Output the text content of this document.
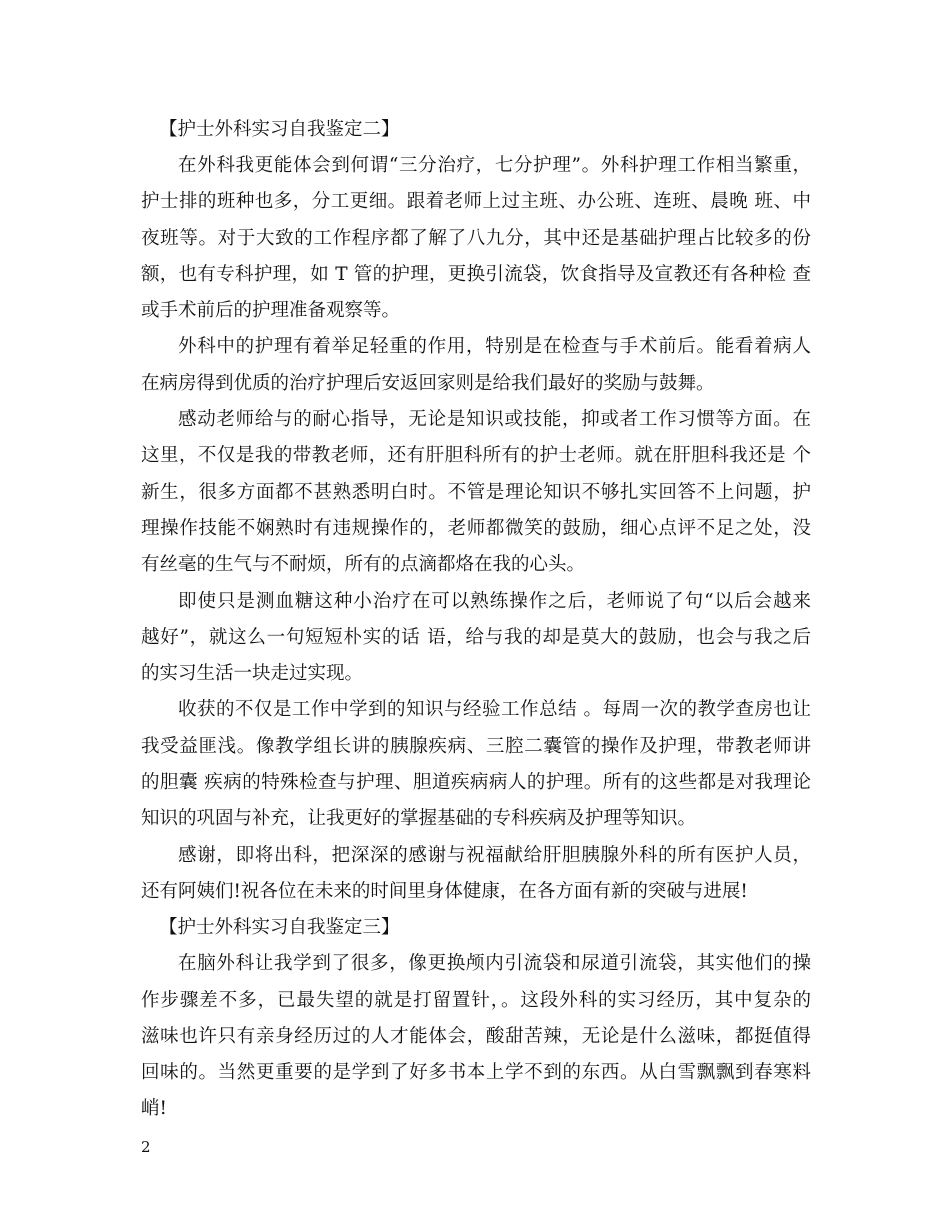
【护士外科实习自我鉴定二】
在外科我更能体会到何谓“三分治疗，七分护理”。外科护理工作相当繁重，
护士排的班种也多，分工更细。跟着老师上过主班、办公班、连班、晨晚 班、中
夜班等。对于大致的工作程序都了解了八九分，其中还是基础护理占比较多的份
额，也有专科护理，如 T 管的护理，更换引流袋，饮食指导及宣教还有各种检 查
或手术前后的护理准备观察等。
外科中的护理有着举足轻重的作用，特别是在检查与手术前后。能看着病人
在病房得到优质的治疗护理后安返回家则是给我们最好的奖励与鼓舞。
感动老师给与的耐心指导，无论是知识或技能，抑或者工作习惯等方面。在
这里，不仅是我的带教老师，还有肝胆科所有的护士老师。就在肝胆科我还是 个
新生，很多方面都不甚熟悉明白时。不管是理论知识不够扎实回答不上问题，护
理操作技能不娴熟时有违规操作的，老师都微笑的鼓励，细心点评不足之处，没
有丝毫的生气与不耐烦，所有的点滴都烙在我的心头。
即使只是测血糖这种小治疗在可以熟练操作之后，老师说了句“以后会越来
越好”，就这么一句短短朴实的话 语，给与我的却是莫大的鼓励，也会与我之后
的实习生活一块走过实现。
收获的不仅是工作中学到的知识与经验工作总结 。每周一次的教学查房也让
我受益匪浅。像教学组长讲的胰腺疾病、三腔二囊管的操作及护理，带教老师讲
的胆囊 疾病的特殊检查与护理、胆道疾病病人的护理。所有的这些都是对我理论
知识的巩固与补充，让我更好的掌握基础的专科疾病及护理等知识。
感谢，即将出科，把深深的感谢与祝福献给肝胆胰腺外科的所有医护人员，
还有阿姨们!祝各位在未来的时间里身体健康，在各方面有新的突破与进展!
【护士外科实习自我鉴定三】
在脑外科让我学到了很多，像更换颅内引流袋和尿道引流袋，其实他们的操
作步骤差不多，已最失望的就是打留置针，。这段外科的实习经历，其中复杂的
滋味也许只有亲身经历过的人才能体会，酸甜苦辣，无论是什么滋味，都挺值得
回味的。当然更重要的是学到了好多书本上学不到的东西。从白雪飘飘到春寒料
峭!
2
